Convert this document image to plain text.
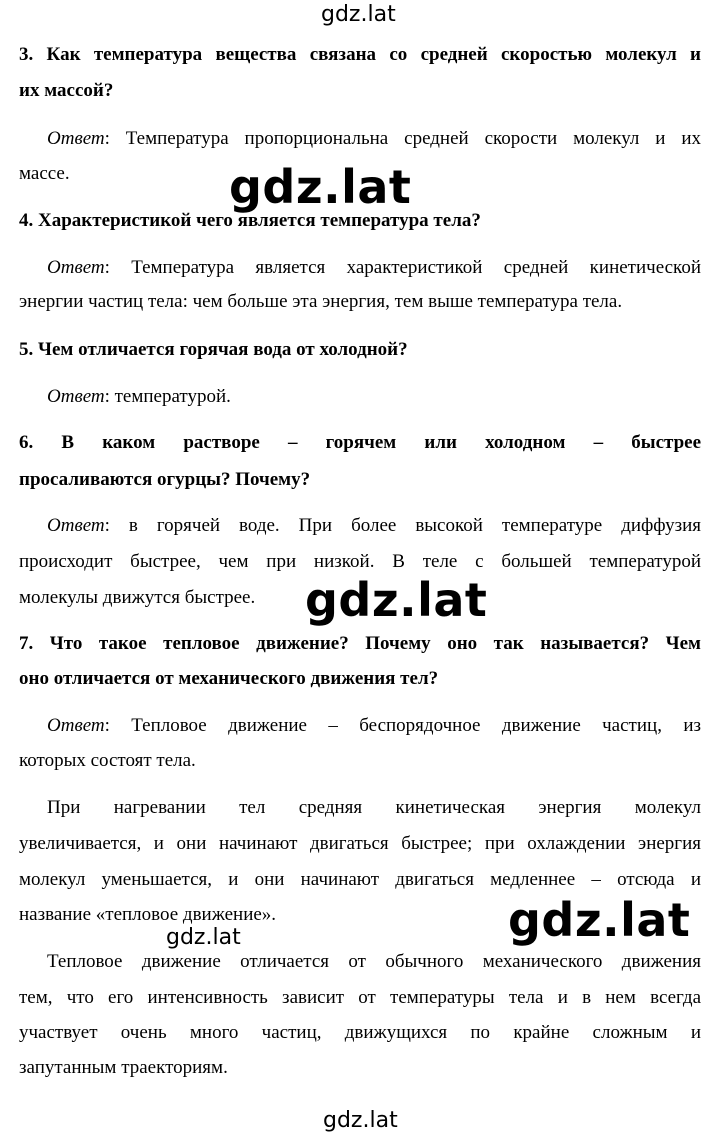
gdz.lat
gdz.lat
gdz.lat
gdz.lat
gdz.lat
gdz.lat
3. Как температура вещества связана со средней скоростью молекул и
их массой?
Ответ: Температура пропорциональна средней скорости молекул и их
массе.
4. Характеристикой чего является температура тела?
Ответ: Температура является характеристикой средней кинетической
энергии частиц тела: чем больше эта энергия, тем выше температура тела.
5. Чем отличается горячая вода от холодной?
Ответ: температурой.
6. В каком растворе – горячем или холодном – быстрее
просаливаются огурцы? Почему?
Ответ: в горячей воде. При более высокой температуре диффузия
происходит быстрее, чем при низкой. В теле с большей температурой
молекулы движутся быстрее.
7. Что такое тепловое движение? Почему оно так называется? Чем
оно отличается от механического движения тел?
Ответ: Тепловое движение – беспорядочное движение частиц, из
которых состоят тела.
При нагревании тел средняя кинетическая энергия молекул
увеличивается, и они начинают двигаться быстрее; при охлаждении энергия
молекул уменьшается, и они начинают двигаться медленнее – отсюда и
название «тепловое движение».
Тепловое движение отличается от обычного механического движения
тем, что его интенсивность зависит от температуры тела и в нем всегда
участвует очень много частиц, движущихся по крайне сложным и
запутанным траекториям.
